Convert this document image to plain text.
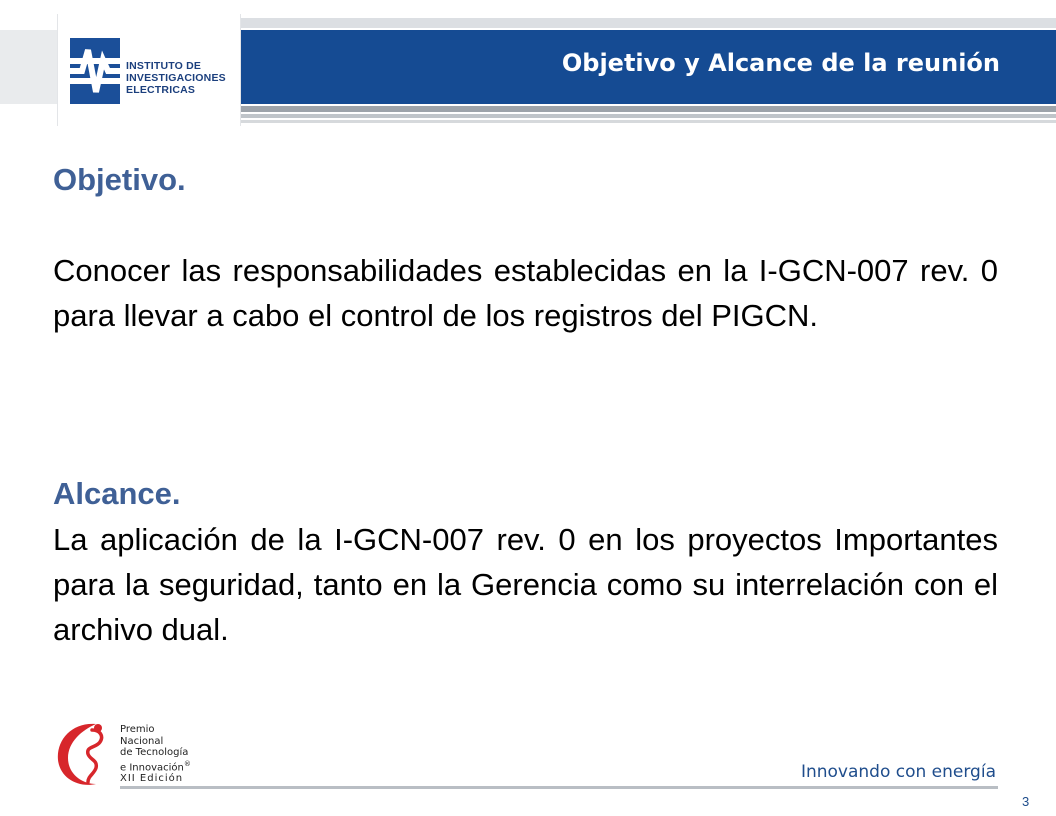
INSTITUTO DE
INVESTIGACIONES
ELECTRICAS
Objetivo y Alcance de la reunión
Objetivo.
Conocer las responsabilidades establecidas en la I-GCN-007 rev. 0 para llevar a cabo el control de los registros del PIGCN.
Alcance.
La aplicación de la I-GCN-007 rev. 0 en los proyectos Importantes para la seguridad, tanto en la Gerencia como su interrelación con el archivo dual.
Premio
Nacional
de Tecnología
e Innovación®
XII Edición	Innovando con energía
3
